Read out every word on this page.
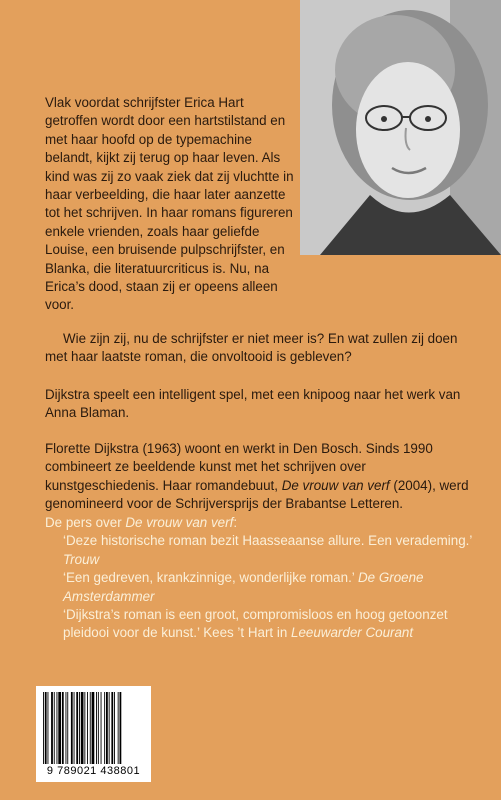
Vlak voordat schrijfster Erica Hart getroffen wordt door een hartstilstand en met haar hoofd op de typemachine belandt, kijkt zij terug op haar leven. Als kind was zij zo vaak ziek dat zij vluchtte in haar verbeelding, die haar later aanzette tot het schrijven. In haar romans figureren enkele vrienden, zoals haar geliefde Louise, een bruisende pulpschrijfster, en Blanka, die literatuurcriticus is. Nu, na Erica’s dood, staan zij er opeens alleen voor.

Wie zijn zij, nu de schrijfster er niet meer is? En wat zullen zij doen met haar laatste roman, die onvoltooid is gebleven?

Dijkstra speelt een intelligent spel, met een knipoog naar het werk van Anna Blaman.

Florette Dijkstra (1963) woont en werkt in Den Bosch. Sinds 1990 combineert ze beeldende kunst met het schrijven over kunstgeschiedenis. Haar romandebuut, De vrouw van verf (2004), werd genomineerd voor de Schrijversprijs der Brabantse Letteren.

De pers over De vrouw van verf:

‘Deze historische roman bezit Haasseaanse allure. Een verademing.’ Trouw

‘Een gedreven, krankzinnige, wonderlijke roman.’ De Groene Amsterdammer

‘Dijkstra’s roman is een groot, compromisloos en hoog getoonzet pleidooi voor de kunst.’ Kees ’t Hart in Leeuwarder Courant

9 789021 438801
